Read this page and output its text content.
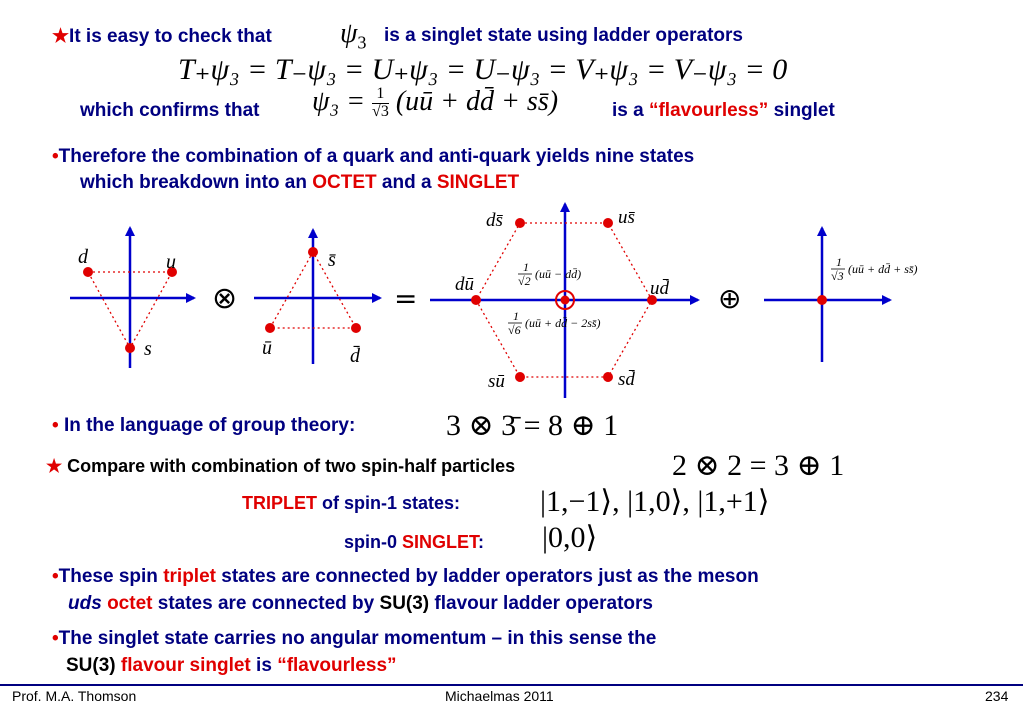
★It is easy to check that $\psi_3$ is a singlet state using ladder operators
T₊ψ₃ = T₋ψ₃ = U₊ψ₃ = U₋ψ₃ = V₊ψ₃ = V₋ψ₃ = 0
which confirms that $\psi_3 = \frac{1}{√3}$ (uū + dd̄ + ss̄)	is a “flavourless” singlet
•Therefore the combination of a quark and anti-quark yields nine states
which breakdown into an OCTET and a SINGLET
d	u
s
⊗
s̄
ū	d̄
=
ds̄	us̄
dū	ud̄
sū	sd̄
1
√2 (uū − dd̄)
1
√6 (uū + dd̄ − 2ss̄)
⊕
1
√3 (uū + dd̄ + ss̄)
• In the language of group theory:	3 ⊗ 3̄ = 8 ⊕ 1
★ Compare with combination of two spin-half particles	2 ⊗ 2 = 3 ⊕ 1
TRIPLET of spin-1 states:	|1,−1⟩, |1,0⟩, |1,+1⟩
spin-0 SINGLET: |0,0⟩
•These spin triplet states are connected by ladder operators just as the meson
uds octet states are connected by SU(3) flavour ladder operators
•The singlet state carries no angular momentum – in this sense the
SU(3) flavour singlet is “flavourless”
Prof. M.A. Thomson	Michaelmas 2011	234
